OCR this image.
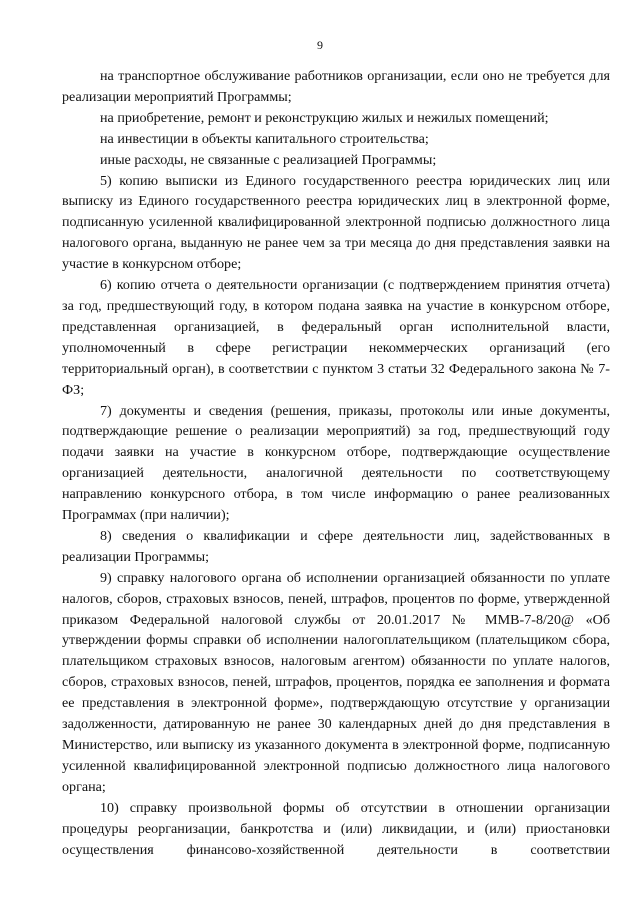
9

на транспортное обслуживание работников организации, если оно не требуется для реализации мероприятий Программы;

на приобретение, ремонт и реконструкцию жилых и нежилых помещений;

на инвестиции в объекты капитального строительства;

иные расходы, не связанные с реализацией Программы;

5) копию выписки из Единого государственного реестра юридических лиц или выписку из Единого государственного реестра юридических лиц в электронной форме, подписанную усиленной квалифицированной электронной подписью должностного лица налогового органа, выданную не ранее чем за три месяца до дня представления заявки на участие в конкурсном отборе;

6) копию отчета о деятельности организации (с подтверждением принятия отчета) за год, предшествующий году, в котором подана заявка на участие в конкурсном отборе, представленная организацией, в федеральный орган исполнительной власти, уполномоченный в сфере регистрации некоммерческих организаций (его территориальный орган), в соответствии с пунктом 3 статьи 32 Федерального закона № 7-ФЗ;

7) документы и сведения (решения, приказы, протоколы или иные документы, подтверждающие решение о реализации мероприятий) за год, предшествующий году подачи заявки на участие в конкурсном отборе, подтверждающие осуществление организацией деятельности, аналогичной деятельности по соответствующему направлению конкурсного отбора, в том числе информацию о ранее реализованных Программах (при наличии);

8) сведения о квалификации и сфере деятельности лиц, задействованных в реализации Программы;

9) справку налогового органа об исполнении организацией обязанности по уплате налогов, сборов, страховых взносов, пеней, штрафов, процентов по форме, утвержденной приказом Федеральной налоговой службы от 20.01.2017 № ММВ-7-8/20@ «Об утверждении формы справки об исполнении налогоплательщиком (плательщиком сбора, плательщиком страховых взносов, налоговым агентом) обязанности по уплате налогов, сборов, страховых взносов, пеней, штрафов, процентов, порядка ее заполнения и формата ее представления в электронной форме», подтверждающую отсутствие у организации задолженности, датированную не ранее 30 календарных дней до дня представления в Министерство, или выписку из указанного документа в электронной форме, подписанную усиленной квалифицированной электронной подписью должностного лица налогового органа;

10) справку произвольной формы об отсутствии в отношении организации процедуры реорганизации, банкротства и (или) ликвидации, и (или) приостановки осуществления финансово-хозяйственной деятельности в соответствии
